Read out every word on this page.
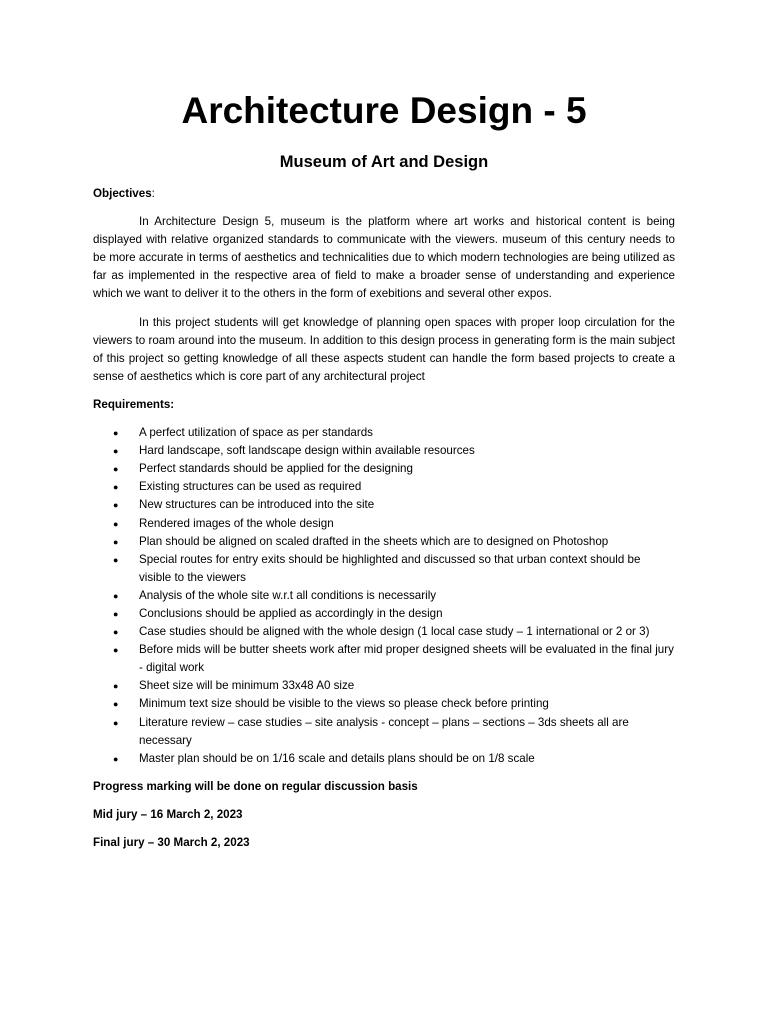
Architecture Design - 5
Museum of Art and Design

Objectives:

In Architecture Design 5, museum is the platform where art works and historical content is being displayed with relative organized standards to communicate with the viewers. museum of this century needs to be more accurate in terms of aesthetics and technicalities due to which modern technologies are being utilized as far as implemented in the respective area of field to make a broader sense of understanding and experience which we want to deliver it to the others in the form of exebitions and several other expos.

In this project students will get knowledge of planning open spaces with proper loop circulation for the viewers to roam around into the museum. In addition to this design process in generating form is the main subject of this project so getting knowledge of all these aspects student can handle the form based projects to create a sense of aesthetics which is core part of any architectural project

Requirements:

● A perfect utilization of space as per standards
● Hard landscape, soft landscape design within available resources
● Perfect standards should be applied for the designing
● Existing structures can be used as required
● New structures can be introduced into the site
● Rendered images of the whole design
● Plan should be aligned on scaled drafted in the sheets which are to designed on Photoshop
● Special routes for entry exits should be highlighted and discussed so that urban context should be visible to the viewers
● Analysis of the whole site w.r.t all conditions is necessarily
● Conclusions should be applied as accordingly in the design
● Case studies should be aligned with the whole design (1 local case study – 1 international or 2 or 3)
● Before mids will be butter sheets work after mid proper designed sheets will be evaluated in the final jury - digital work
● Sheet size will be minimum 33x48 A0 size
● Minimum text size should be visible to the views so please check before printing
● Literature review – case studies – site analysis - concept – plans – sections – 3ds sheets all are necessary
● Master plan should be on 1/16 scale and details plans should be on 1/8 scale

Progress marking will be done on regular discussion basis

Mid jury – 16 March 2, 2023

Final jury – 30 March 2, 2023
